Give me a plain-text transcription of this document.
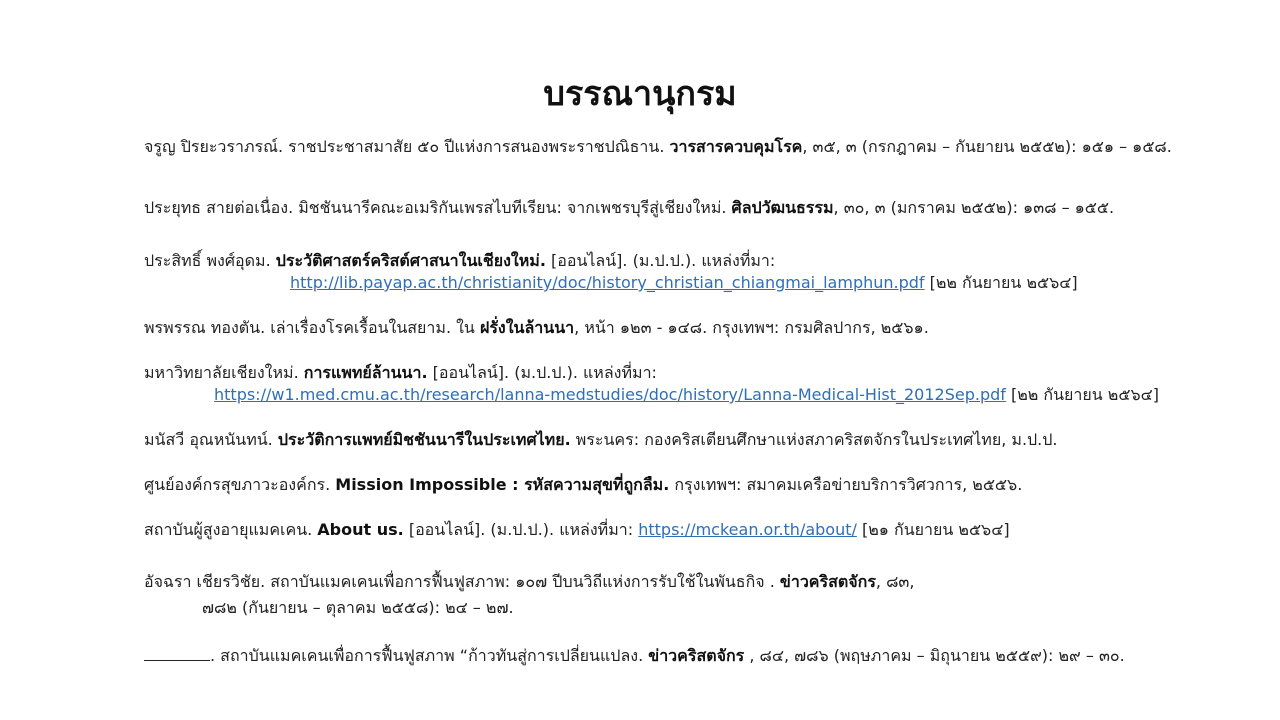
บรรณานุกรม
จรูญ ปิรยะวราภรณ์. ราชประชาสมาสัย ๕๐ ปีแห่งการสนองพระราชปณิธาน. วารสารควบคุมโรค, ๓๕, ๓ (กรกฎาคม – กันยายน ๒๕๕๒): ๑๕๑ – ๑๕๘.
ประยุทธ สายต่อเนื่อง. มิชชันนารีคณะอเมริกันเพรสไบทีเรียน: จากเพชรบุรีสู่เชียงใหม่. ศิลปวัฒนธรรม, ๓๐, ๓ (มกราคม ๒๕๕๒): ๑๓๘ – ๑๕๕.
ประสิทธิ์ พงศ์อุดม. ประวัติศาสตร์คริสต์ศาสนาในเชียงใหม่. [ออนไลน์]. (ม.ป.ป.). แหล่งที่มา:
http://lib.payap.ac.th/christianity/doc/history_christian_chiangmai_lamphun.pdf [๒๒ กันยายน ๒๕๖๔]
พรพรรณ ทองตัน. เล่าเรื่องโรคเรื้อนในสยาม. ใน ฝรั่งในล้านนา, หน้า ๑๒๓ - ๑๔๘. กรุงเทพฯ: กรมศิลปากร, ๒๕๖๑.
มหาวิทยาลัยเชียงใหม่. การแพทย์ล้านนา. [ออนไลน์]. (ม.ป.ป.). แหล่งที่มา:
https://w1.med.cmu.ac.th/research/lanna-medstudies/doc/history/Lanna-Medical-Hist_2012Sep.pdf [๒๒ กันยายน ๒๕๖๔]
มนัสวี อุณหนันทน์. ประวัติการแพทย์มิชชันนารีในประเทศไทย. พระนคร: กองคริสเตียนศึกษาแห่งสภาคริสตจักรในประเทศไทย, ม.ป.ป.
ศูนย์องค์กรสุขภาวะองค์กร. Mission Impossible : รหัสความสุขที่ถูกลืม. กรุงเทพฯ: สมาคมเครือข่ายบริการวิศวการ, ๒๕๕๖.
สถาบันผู้สูงอายุแมคเคน. About us. [ออนไลน์]. (ม.ป.ป.). แหล่งที่มา: https://mckean.or.th/about/ [๒๑ กันยายน ๒๕๖๔]
อัจฉรา เชียรวิชัย. สถาบันแมคเคนเพื่อการฟื้นฟูสภาพ: ๑๐๗ ปีบนวิถีแห่งการรับใช้ในพันธกิจ . ข่าวคริสตจักร, ๘๓,
๗๘๒ (กันยายน – ตุลาคม ๒๕๕๘): ๒๔ – ๒๗.
. สถาบันแมคเคนเพื่อการฟื้นฟูสภาพ “ก้าวทันสู่การเปลี่ยนแปลง. ข่าวคริสตจักร , ๘๔, ๗๘๖ (พฤษภาคม – มิถุนายน ๒๕๕๙): ๒๙ – ๓๐.
